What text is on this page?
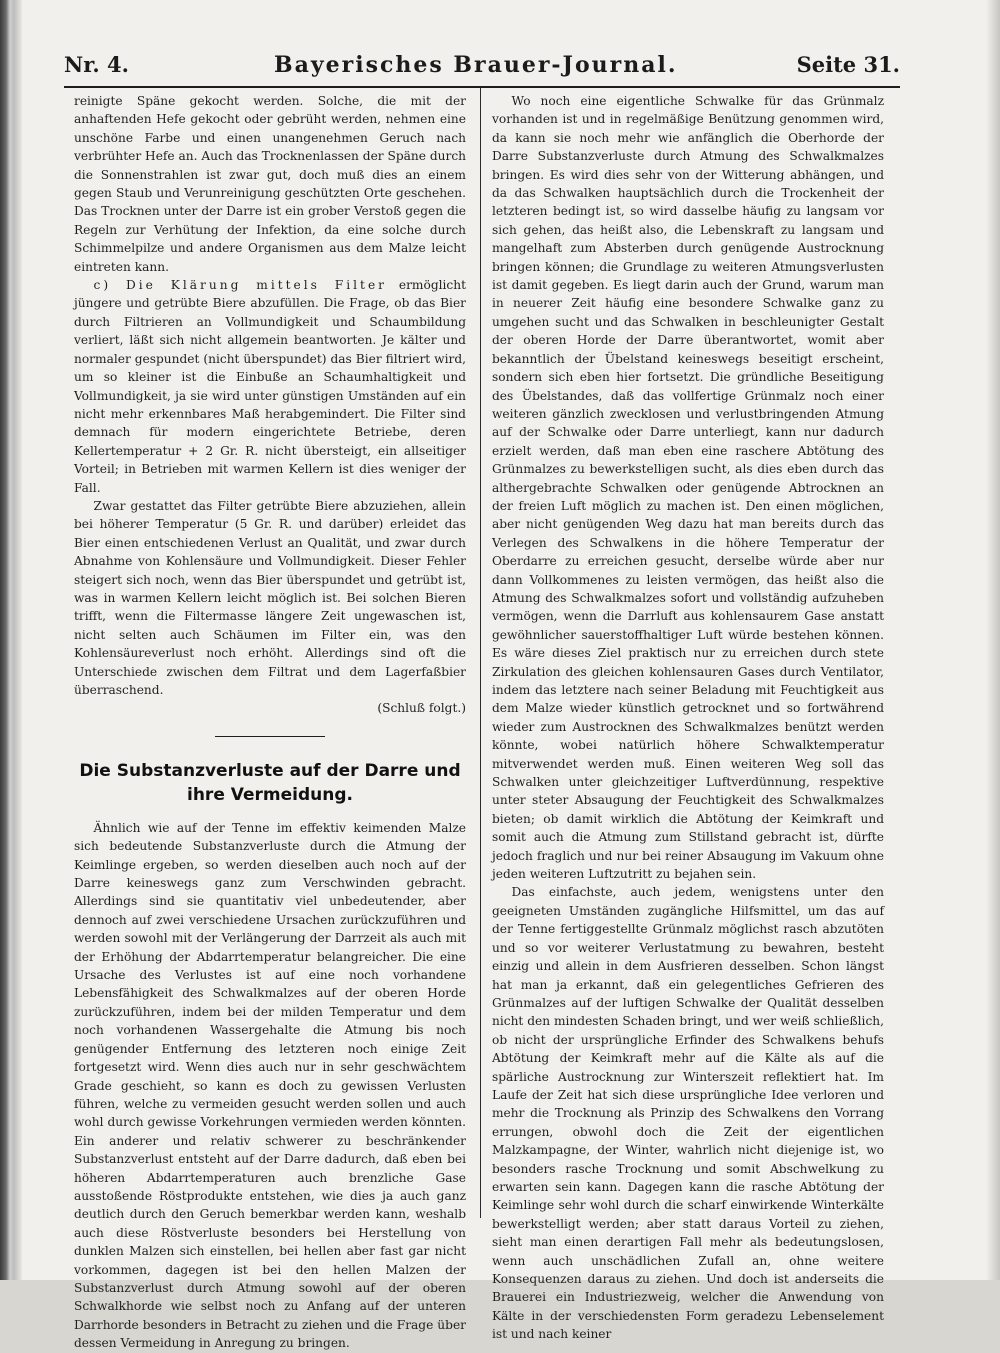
Nr. 4.	Bayerisches Brauer-Journal.	Seite 31.

reinigte Späne gekocht werden. Solche, die mit der anhaftenden Hefe gekocht oder gebrüht werden, nehmen eine unschöne Farbe und einen unangenehmen Geruch nach verbrühter Hefe an. Auch das Trocknenlassen der Späne durch die Sonnenstrahlen ist zwar gut, doch muß dies an einem gegen Staub und Verunreinigung geschützten Orte geschehen. Das Trocknen unter der Darre ist ein grober Verstoß gegen die Regeln zur Verhütung der Infektion, da eine solche durch Schimmelpilze und andere Organismen aus dem Malze leicht eintreten kann.

c) Die Klärung mittels Filter ermöglicht jüngere und getrübte Biere abzufüllen. Die Frage, ob das Bier durch Filtrieren an Vollmundigkeit und Schaumbildung verliert, läßt sich nicht allgemein beantworten. Je kälter und normaler gespundet (nicht überspundet) das Bier filtriert wird, um so kleiner ist die Einbuße an Schaumhaltigkeit und Vollmundigkeit, ja sie wird unter günstigen Umständen auf ein nicht mehr erkennbares Maß herabgemindert. Die Filter sind demnach für modern eingerichtete Betriebe, deren Kellertemperatur + 2 Gr. R. nicht übersteigt, ein allseitiger Vorteil; in Betrieben mit warmen Kellern ist dies weniger der Fall.

Zwar gestattet das Filter getrübte Biere abzuziehen, allein bei höherer Temperatur (5 Gr. R. und darüber) erleidet das Bier einen entschiedenen Verlust an Qualität, und zwar durch Abnahme von Kohlensäure und Vollmundigkeit. Dieser Fehler steigert sich noch, wenn das Bier überspundet und getrübt ist, was in warmen Kellern leicht möglich ist. Bei solchen Bieren trifft, wenn die Filtermasse längere Zeit ungewaschen ist, nicht selten auch Schäumen im Filter ein, was den Kohlensäureverlust noch erhöht. Allerdings sind oft die Unterschiede zwischen dem Filtrat und dem Lagerfaßbier überraschend.

(Schluß folgt.)

Die Substanzverluste auf der Darre und ihre Vermeidung.

Ähnlich wie auf der Tenne im effektiv keimenden Malze sich bedeutende Substanzverluste durch die Atmung der Keimlinge ergeben, so werden dieselben auch noch auf der Darre keineswegs ganz zum Verschwinden gebracht. Allerdings sind sie quantitativ viel unbedeutender, aber dennoch auf zwei verschiedene Ursachen zurückzuführen und werden sowohl mit der Verlängerung der Darrzeit als auch mit der Erhöhung der Abdarrtemperatur belangreicher. Die eine Ursache des Verlustes ist auf eine noch vorhandene Lebensfähigkeit des Schwalkmalzes auf der oberen Horde zurückzuführen, indem bei der milden Temperatur und dem noch vorhandenen Wassergehalte die Atmung bis noch genügender Entfernung des letzteren noch einige Zeit fortgesetzt wird. Wenn dies auch nur in sehr geschwächtem Grade geschieht, so kann es doch zu gewissen Verlusten führen, welche zu vermeiden gesucht werden sollen und auch wohl durch gewisse Vorkehrungen vermieden werden könnten. Ein anderer und relativ schwerer zu beschränkender Substanzverlust entsteht auf der Darre dadurch, daß eben bei höheren Abdarrtemperaturen auch brenzliche Gase ausstoßende Röstprodukte entstehen, wie dies ja auch ganz deutlich durch den Geruch bemerkbar werden kann, weshalb auch diese Röstverluste besonders bei Herstellung von dunklen Malzen sich einstellen, bei hellen aber fast gar nicht vorkommen, dagegen ist bei den hellen Malzen der Substanzverlust durch Atmung sowohl auf der oberen Schwalkhorde wie selbst noch zu Anfang auf der unteren Darrhorde besonders in Betracht zu ziehen und die Frage über dessen Vermeidung in Anregung zu bringen.

Wo noch eine eigentliche Schwalke für das Grünmalz vorhanden ist und in regelmäßige Benützung genommen wird, da kann sie noch mehr wie anfänglich die Oberhorde der Darre Substanzverluste durch Atmung des Schwalkmalzes bringen. Es wird dies sehr von der Witterung abhängen, und da das Schwalken hauptsächlich durch die Trockenheit der letzteren bedingt ist, so wird dasselbe häufig zu langsam vor sich gehen, das heißt also, die Lebenskraft zu langsam und mangelhaft zum Absterben durch genügende Austrocknung bringen können; die Grundlage zu weiteren Atmungsverlusten ist damit gegeben. Es liegt darin auch der Grund, warum man in neuerer Zeit häufig eine besondere Schwalke ganz zu umgehen sucht und das Schwalken in beschleunigter Gestalt der oberen Horde der Darre überantwortet, womit aber bekanntlich der Übelstand keineswegs beseitigt erscheint, sondern sich eben hier fortsetzt. Die gründliche Beseitigung des Übelstandes, daß das vollfertige Grünmalz noch einer weiteren gänzlich zwecklosen und verlustbringenden Atmung auf der Schwalke oder Darre unterliegt, kann nur dadurch erzielt werden, daß man eben eine raschere Abtötung des Grünmalzes zu bewerkstelligen sucht, als dies eben durch das althergebrachte Schwalken oder genügende Abtrocknen an der freien Luft möglich zu machen ist. Den einen möglichen, aber nicht genügenden Weg dazu hat man bereits durch das Verlegen des Schwalkens in die höhere Temperatur der Oberdarre zu erreichen gesucht, derselbe würde aber nur dann Vollkommenes zu leisten vermögen, das heißt also die Atmung des Schwalkmalzes sofort und vollständig aufzuheben vermögen, wenn die Darrluft aus kohlensaurem Gase anstatt gewöhnlicher sauerstoffhaltiger Luft würde bestehen können. Es wäre dieses Ziel praktisch nur zu erreichen durch stete Zirkulation des gleichen kohlensauren Gases durch Ventilator, indem das letztere nach seiner Beladung mit Feuchtigkeit aus dem Malze wieder künstlich getrocknet und so fortwährend wieder zum Austrocknen des Schwalkmalzes benützt werden könnte, wobei natürlich höhere Schwalktemperatur mitverwendet werden muß. Einen weiteren Weg soll das Schwalken unter gleichzeitiger Luftverdünnung, respektive unter steter Absaugung der Feuchtigkeit des Schwalkmalzes bieten; ob damit wirklich die Abtötung der Keimkraft und somit auch die Atmung zum Stillstand gebracht ist, dürfte jedoch fraglich und nur bei reiner Absaugung im Vakuum ohne jeden weiteren Luftzutritt zu bejahen sein.

Das einfachste, auch jedem, wenigstens unter den geeigneten Umständen zugängliche Hilfsmittel, um das auf der Tenne fertiggestellte Grünmalz möglichst rasch abzutöten und so vor weiterer Verlustatmung zu bewahren, besteht einzig und allein in dem Ausfrieren desselben. Schon längst hat man ja erkannt, daß ein gelegentliches Gefrieren des Grünmalzes auf der luftigen Schwalke der Qualität desselben nicht den mindesten Schaden bringt, und wer weiß schließlich, ob nicht der ursprüngliche Erfinder des Schwalkens behufs Abtötung der Keimkraft mehr auf die Kälte als auf die spärliche Austrocknung zur Winterszeit reflektiert hat. Im Laufe der Zeit hat sich diese ursprüngliche Idee verloren und mehr die Trocknung als Prinzip des Schwalkens den Vorrang errungen, obwohl doch die Zeit der eigentlichen Malzkampagne, der Winter, wahrlich nicht diejenige ist, wo besonders rasche Trocknung und somit Abschwelkung zu erwarten sein kann. Dagegen kann die rasche Abtötung der Keimlinge sehr wohl durch die scharf einwirkende Winterkälte bewerkstelligt werden; aber statt daraus Vorteil zu ziehen, sieht man einen derartigen Fall mehr als bedeutungslosen, wenn auch unschädlichen Zufall an, ohne weitere Konsequenzen daraus zu ziehen. Und doch ist anderseits die Brauerei ein Industriezweig, welcher die Anwendung von Kälte in der verschiedensten Form geradezu Lebenselement ist und nach keiner
